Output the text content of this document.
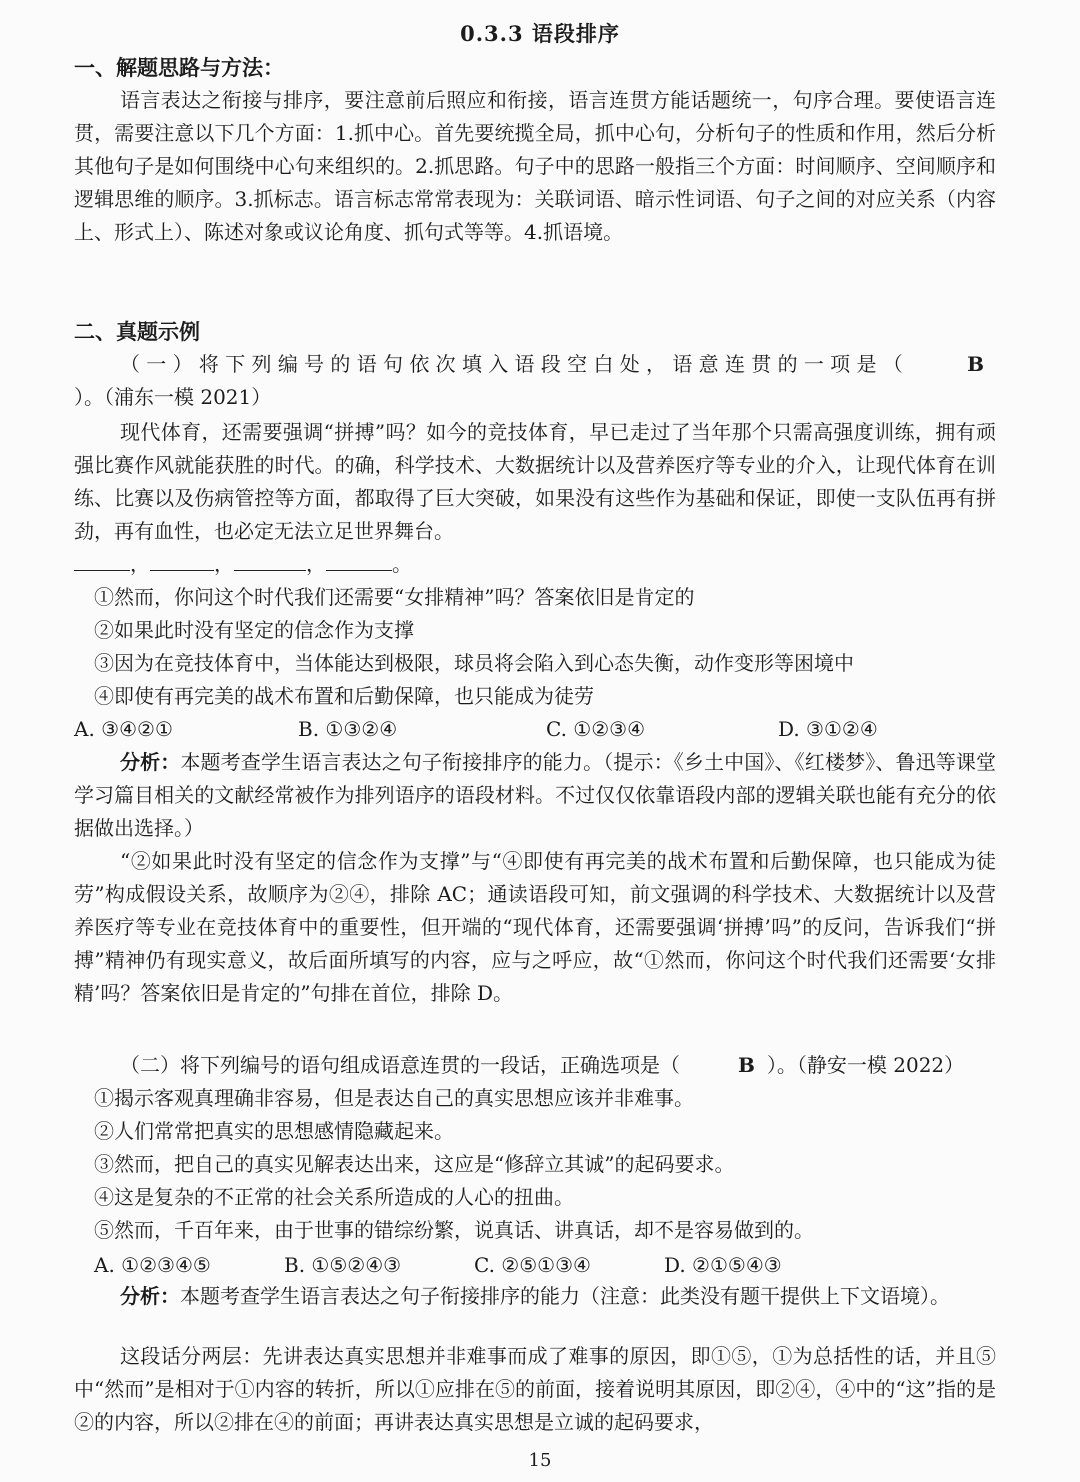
0.3.3 语段排序
一、解题思路与方法：
语言表达之衔接与排序，要注意前后照应和衔接，语言连贯方能话题统一，句序合理。要使语言连贯，需要注意以下几个方面：1.抓中心。首先要统揽全局，抓中心句，分析句子的性质和作用，然后分析其他句子是如何围绕中心句来组织的。2.抓思路。句子中的思路一般指三个方面：时间顺序、空间顺序和逻辑思维的顺序。3.抓标志。语言标志常常表现为：关联词语、暗示性词语、句子之间的对应关系（内容上、形式上）、陈述对象或议论角度、抓句式等等。4.抓语境。
二、真题示例
（一）将下列编号的语句依次填入语段空白处，语意连贯的一项是（	B）。（浦东一模 2021）
现代体育，还需要强调“拼搏”吗？如今的竞技体育，早已走过了当年那个只需高强度训练，拥有顽强比赛作风就能获胜的时代。的确，科学技术、大数据统计以及营养医疗等专业的介入，让现代体育在训练、比赛以及伤病管控等方面，都取得了巨大突破，如果没有这些作为基础和保证，即使一支队伍再有拼劲，再有血性，也必定无法立足世界舞台。
，	，	，	。
①然而，你问这个时代我们还需要“女排精神”吗？答案依旧是肯定的
②如果此时没有坚定的信念作为支撑
③因为在竞技体育中，当体能达到极限，球员将会陷入到心态失衡，动作变形等困境中
④即使有再完美的战术布置和后勤保障，也只能成为徒劳
A. ③④②①	B. ①③②④	C. ①②③④	D. ③①②④
分析：本题考查学生语言表达之句子衔接排序的能力。（提示：《乡土中国》、《红楼梦》、鲁迅等课堂学习篇目相关的文献经常被作为排列语序的语段材料。不过仅仅依靠语段内部的逻辑关联也能有充分的依据做出选择。）
“②如果此时没有坚定的信念作为支撑”与“④即使有再完美的战术布置和后勤保障，也只能成为徒劳”构成假设关系，故顺序为②④，排除 AC；通读语段可知，前文强调的科学技术、大数据统计以及营养医疗等专业在竞技体育中的重要性，但开端的“现代体育，还需要强调‘拼搏’吗”的反问，告诉我们“拼搏”精神仍有现实意义，故后面所填写的内容，应与之呼应，故“①然而，你问这个时代我们还需要‘女排精’吗？答案依旧是肯定的”句排在首位，排除 D。
（二）将下列编号的语句组成语意连贯的一段话，正确选项是（	B ）。（静安一模 2022）
①揭示客观真理确非容易，但是表达自己的真实思想应该并非难事。
②人们常常把真实的思想感情隐藏起来。
③然而，把自己的真实见解表达出来，这应是“修辞立其诚”的起码要求。
④这是复杂的不正常的社会关系所造成的人心的扭曲。
⑤然而，千百年来，由于世事的错综纷繁，说真话、讲真话，却不是容易做到的。
A. ①②③④⑤	B. ①⑤②④③	C. ②⑤①③④	D. ②①⑤④③
分析：本题考查学生语言表达之句子衔接排序的能力（注意：此类没有题干提供上下文语境）。
这段话分两层：先讲表达真实思想并非难事而成了难事的原因，即①⑤，①为总括性的话，并且⑤中“然而”是相对于①内容的转折，所以①应排在⑤的前面，接着说明其原因，即②④，④中的“这”指的是②的内容，所以②排在④的前面；再讲表达真实思想是立诚的起码要求，
15
